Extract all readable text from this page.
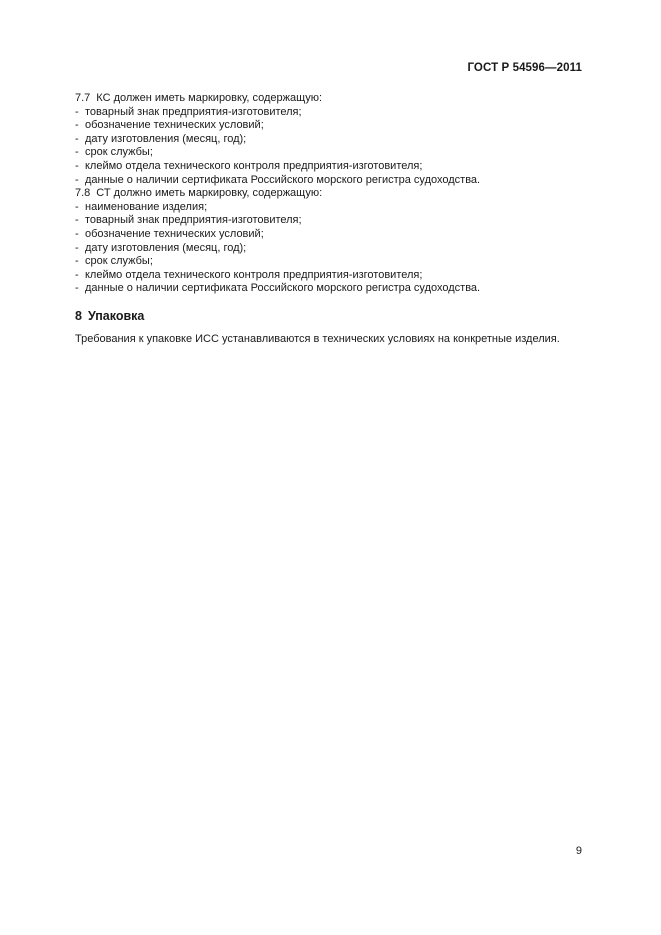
ГОСТ Р 54596—2011
7.7 КС должен иметь маркировку, содержащую:
- товарный знак предприятия-изготовителя;
- обозначение технических условий;
- дату изготовления (месяц, год);
- срок службы;
- клеймо отдела технического контроля предприятия-изготовителя;
- данные о наличии сертификата Российского морского регистра судоходства.
7.8 СТ должно иметь маркировку, содержащую:
- наименование изделия;
- товарный знак предприятия-изготовителя;
- обозначение технических условий;
- дату изготовления (месяц, год);
- срок службы;
- клеймо отдела технического контроля предприятия-изготовителя;
- данные о наличии сертификата Российского морского регистра судоходства.
8 Упаковка
Требования к упаковке ИСС устанавливаются в технических условиях на конкретные изделия.
9
